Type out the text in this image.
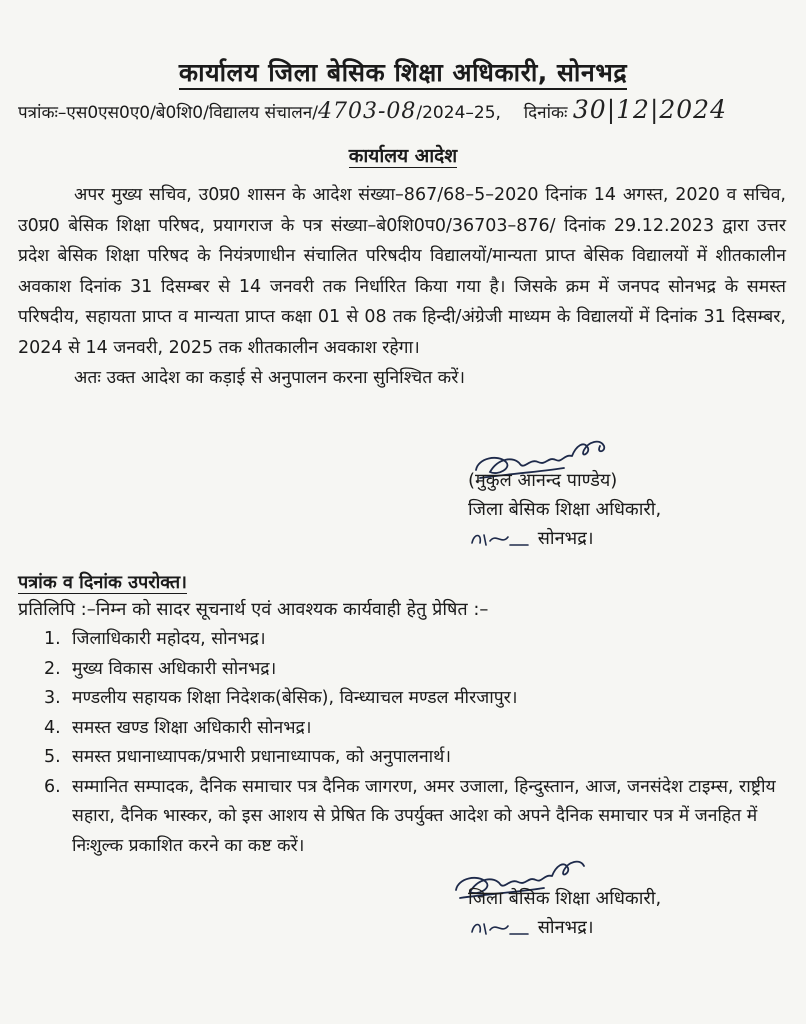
कार्यालय जिला बेसिक शिक्षा अधिकारी, सोनभद्र
पत्रांकः–एस0एस0ए0/बे0शि0/विद्यालय संचालन/4703-08/2024–25, दिनांकः 30|12|2024
कार्यालय आदेश

अपर मुख्य सचिव, उ0प्र0 शासन के आदेश संख्या–867/68–5–2020 दिनांक 14 अगस्त, 2020 व सचिव, उ0प्र0 बेसिक शिक्षा परिषद, प्रयागराज के पत्र संख्या–बे0शि0प0/36703–876/ दिनांक 29.12.2023 द्वारा उत्तर प्रदेश बेसिक शिक्षा परिषद के नियंत्रणाधीन संचालित परिषदीय विद्यालयों/मान्यता प्राप्त बेसिक विद्यालयों में शीतकालीन अवकाश दिनांक 31 दिसम्बर से 14 जनवरी तक निर्धारित किया गया है। जिसके क्रम में जनपद सोनभद्र के समस्त परिषदीय, सहायता प्राप्त व मान्यता प्राप्त कक्षा 01 से 08 तक हिन्दी/अंग्रेजी माध्यम के विद्यालयों में दिनांक 31 दिसम्बर, 2024 से 14 जनवरी, 2025 तक शीतकालीन अवकाश रहेगा।

अतः उक्त आदेश का कड़ाई से अनुपालन करना सुनिश्चित करें।

(मुकुल आनन्द पाण्डेय)
जिला बेसिक शिक्षा अधिकारी,
सोनभद्र।
पत्रांक व दिनांक उपरोक्त।
प्रतिलिपि :–निम्न को सादर सूचनार्थ एवं आवश्यक कार्यवाही हेतु प्रेषित :–
1. जिलाधिकारी महोदय, सोनभद्र।
2. मुख्य विकास अधिकारी सोनभद्र।
3. मण्डलीय सहायक शिक्षा निदेशक(बेसिक), विन्ध्याचल मण्डल मीरजापुर।
4. समस्त खण्ड शिक्षा अधिकारी सोनभद्र।
5. समस्त प्रधानाध्यापक/प्रभारी प्रधानाध्यापक, को अनुपालनार्थ।
6. सम्मानित सम्पादक, दैनिक समाचार पत्र दैनिक जागरण, अमर उजाला, हिन्दुस्तान, आज, जनसंदेश टाइम्स, राष्ट्रीय सहारा, दैनिक भास्कर, को इस आशय से प्रेषित कि उपर्युक्त आदेश को अपने दैनिक समाचार पत्र में जनहित में निःशुल्क प्रकाशित करने का कष्ट करें।
जिला बेसिक शिक्षा अधिकारी,
सोनभद्र।
